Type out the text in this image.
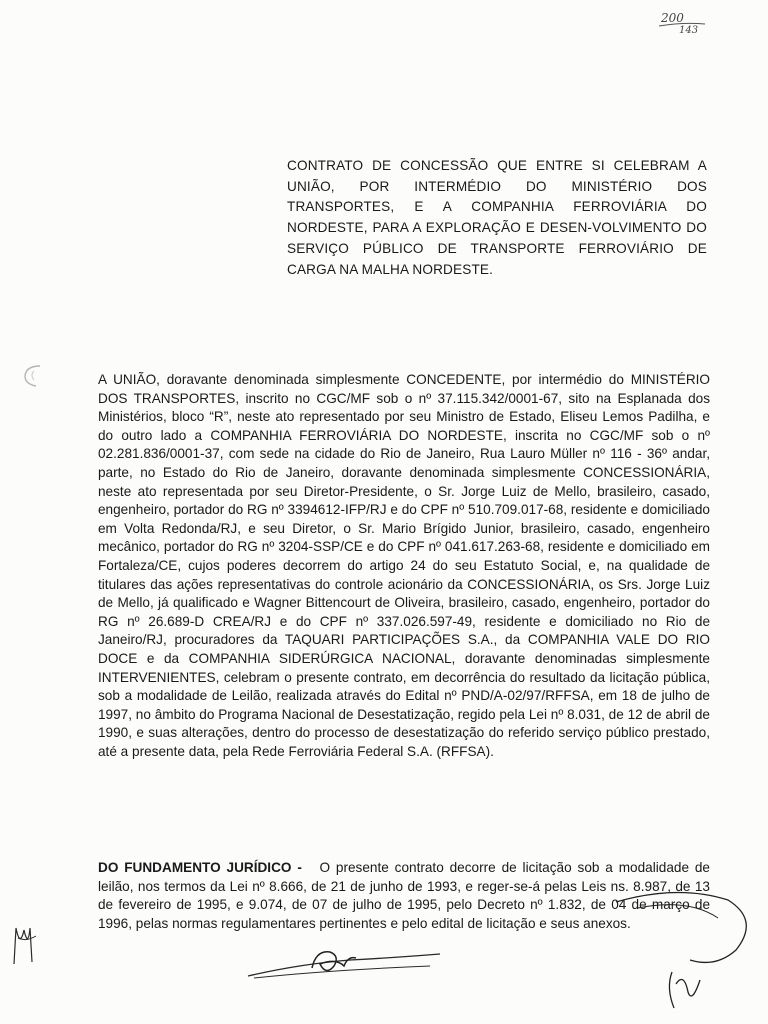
200
143
CONTRATO DE CONCESSÃO QUE ENTRE SI CELEBRAM A UNIÃO, POR INTERMÉDIO DO MINISTÉRIO DOS TRANSPORTES, E A COMPANHIA FERROVIÁRIA DO NORDESTE, PARA A EXPLORAÇÃO E DESEN-VOLVIMENTO DO SERVIÇO PÚBLICO DE TRANSPORTE FERROVIÁRIO DE CARGA NA MALHA NORDESTE.
A UNIÃO, doravante denominada simplesmente CONCEDENTE, por intermédio do MINISTÉRIO DOS TRANSPORTES, inscrito no CGC/MF sob o nº 37.115.342/0001-67, sito na Esplanada dos Ministérios, bloco “R”, neste ato representado por seu Ministro de Estado, Eliseu Lemos Padilha, e do outro lado a COMPANHIA FERROVIÁRIA DO NORDESTE, inscrita no CGC/MF sob o nº 02.281.836/0001-37, com sede na cidade do Rio de Janeiro, Rua Lauro Müller nº 116 - 36º andar, parte, no Estado do Rio de Janeiro, doravante denominada simplesmente CONCESSIONÁRIA, neste ato representada por seu Diretor-Presidente, o Sr. Jorge Luiz de Mello, brasileiro, casado, engenheiro, portador do RG nº 3394612-IFP/RJ e do CPF nº 510.709.017-68, residente e domiciliado em Volta Redonda/RJ, e seu Diretor, o Sr. Mario Brígido Junior, brasileiro, casado, engenheiro mecânico, portador do RG nº 3204-SSP/CE e do CPF nº 041.617.263-68, residente e domiciliado em Fortaleza/CE, cujos poderes decorrem do artigo 24 do seu Estatuto Social, e, na qualidade de titulares das ações representativas do controle acionário da CONCESSIONÁRIA, os Srs. Jorge Luiz de Mello, já qualificado e Wagner Bittencourt de Oliveira, brasileiro, casado, engenheiro, portador do RG nº 26.689-D CREA/RJ e do CPF nº 337.026.597-49, residente e domiciliado no Rio de Janeiro/RJ, procuradores da TAQUARI PARTICIPAÇÕES S.A., da COMPANHIA VALE DO RIO DOCE e da COMPANHIA SIDERÚRGICA NACIONAL, doravante denominadas simplesmente INTERVENIENTES, celebram o presente contrato, em decorrência do resultado da licitação pública, sob a modalidade de Leilão, realizada através do Edital nº PND/A-02/97/RFFSA, em 18 de julho de 1997, no âmbito do Programa Nacional de Desestatização, regido pela Lei nº 8.031, de 12 de abril de 1990, e suas alterações, dentro do processo de desestatização do referido serviço público prestado, até a presente data, pela Rede Ferroviária Federal S.A. (RFFSA).
DO FUNDAMENTO JURÍDICO - O presente contrato decorre de licitação sob a modalidade de leilão, nos termos da Lei nº 8.666, de 21 de junho de 1993, e reger-se-á pelas Leis ns. 8.987, de 13 de fevereiro de 1995, e 9.074, de 07 de julho de 1995, pelo Decreto nº 1.832, de 04 de março de 1996, pelas normas regulamentares pertinentes e pelo edital de licitação e seus anexos.
